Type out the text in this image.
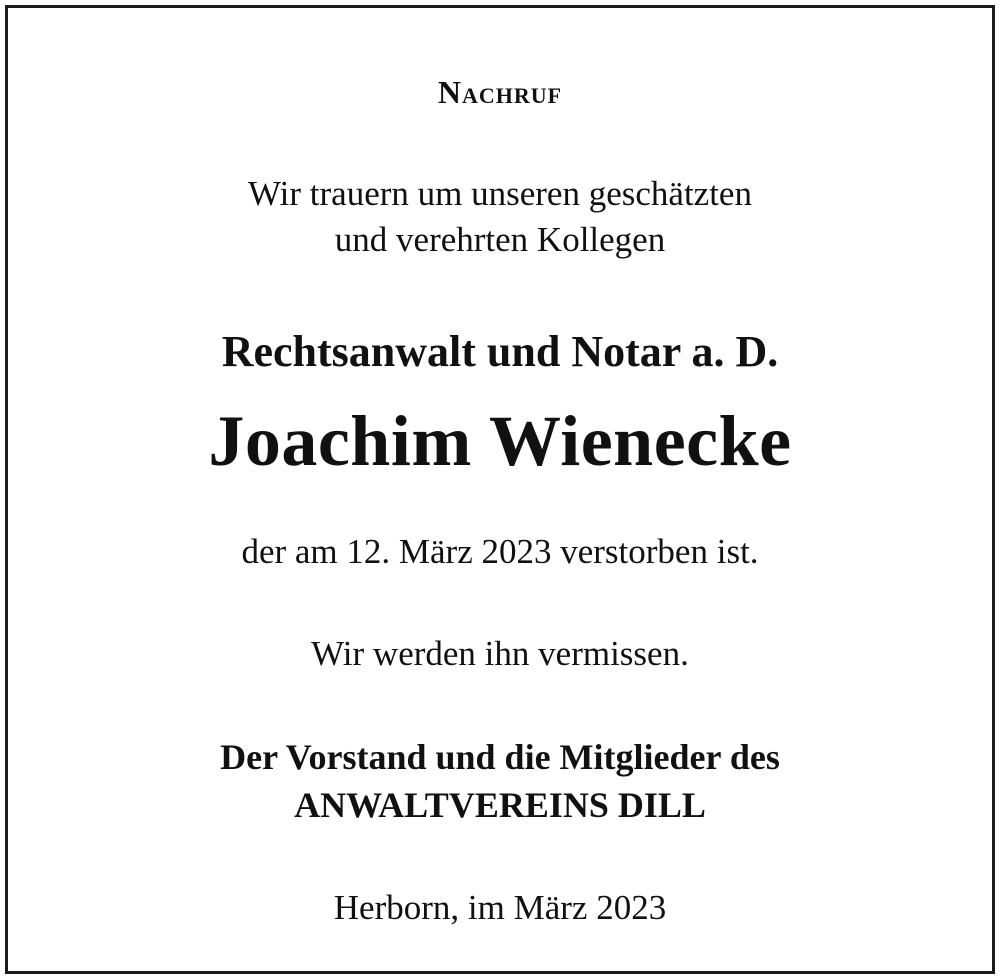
Nachruf
Wir trauern um unseren geschätzten
und verehrten Kollegen
Rechtsanwalt und Notar a. D.
Joachim Wienecke
der am 12. März 2023 verstorben ist.
Wir werden ihn vermissen.
Der Vorstand und die Mitglieder des
ANWALTVEREINS DILL
Herborn, im März 2023
